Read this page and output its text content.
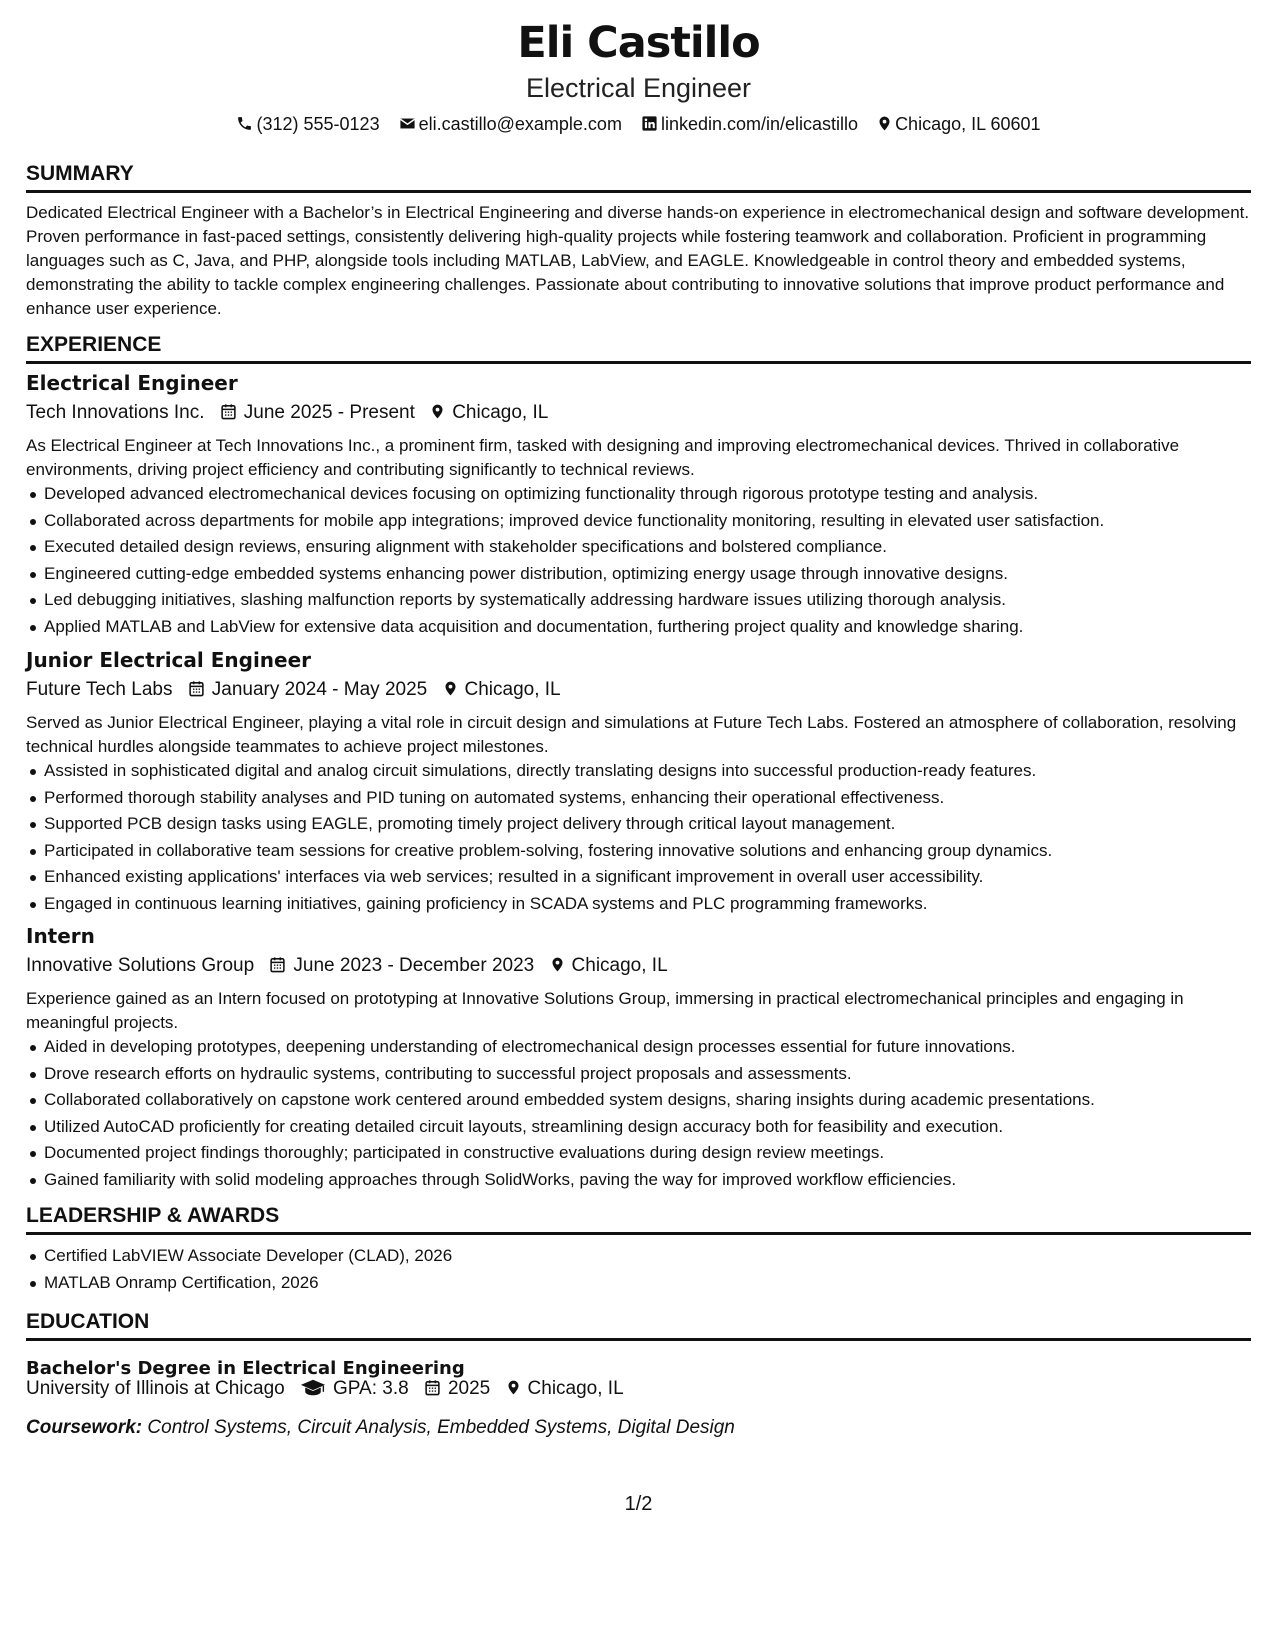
Eli Castillo
Electrical Engineer
(312) 555-0123 eli.castillo@example.com linkedin.com/in/elicastillo Chicago, IL 60601
SUMMARY
Dedicated Electrical Engineer with a Bachelor’s in Electrical Engineering and diverse hands-on experience in electromechanical design and software development. Proven performance in fast-paced settings, consistently delivering high-quality projects while fostering teamwork and collaboration. Proficient in programming languages such as C, Java, and PHP, alongside tools including MATLAB, LabView, and EAGLE. Knowledgeable in control theory and embedded systems, demonstrating the ability to tackle complex engineering challenges. Passionate about contributing to innovative solutions that improve product performance and enhance user experience.
EXPERIENCE
Electrical Engineer
Tech Innovations Inc. June 2025 - Present Chicago, IL
As Electrical Engineer at Tech Innovations Inc., a prominent firm, tasked with designing and improving electromechanical devices. Thrived in collaborative environments, driving project efficiency and contributing significantly to technical reviews.
Developed advanced electromechanical devices focusing on optimizing functionality through rigorous prototype testing and analysis.
Collaborated across departments for mobile app integrations; improved device functionality monitoring, resulting in elevated user satisfaction.
Executed detailed design reviews, ensuring alignment with stakeholder specifications and bolstered compliance.
Engineered cutting-edge embedded systems enhancing power distribution, optimizing energy usage through innovative designs.
Led debugging initiatives, slashing malfunction reports by systematically addressing hardware issues utilizing thorough analysis.
Applied MATLAB and LabView for extensive data acquisition and documentation, furthering project quality and knowledge sharing.
Junior Electrical Engineer
Future Tech Labs January 2024 - May 2025 Chicago, IL
Served as Junior Electrical Engineer, playing a vital role in circuit design and simulations at Future Tech Labs. Fostered an atmosphere of collaboration, resolving technical hurdles alongside teammates to achieve project milestones.
Assisted in sophisticated digital and analog circuit simulations, directly translating designs into successful production-ready features.
Performed thorough stability analyses and PID tuning on automated systems, enhancing their operational effectiveness.
Supported PCB design tasks using EAGLE, promoting timely project delivery through critical layout management.
Participated in collaborative team sessions for creative problem-solving, fostering innovative solutions and enhancing group dynamics.
Enhanced existing applications' interfaces via web services; resulted in a significant improvement in overall user accessibility.
Engaged in continuous learning initiatives, gaining proficiency in SCADA systems and PLC programming frameworks.
Intern
Innovative Solutions Group June 2023 - December 2023 Chicago, IL
Experience gained as an Intern focused on prototyping at Innovative Solutions Group, immersing in practical electromechanical principles and engaging in meaningful projects.
Aided in developing prototypes, deepening understanding of electromechanical design processes essential for future innovations.
Drove research efforts on hydraulic systems, contributing to successful project proposals and assessments.
Collaborated collaboratively on capstone work centered around embedded system designs, sharing insights during academic presentations.
Utilized AutoCAD proficiently for creating detailed circuit layouts, streamlining design accuracy both for feasibility and execution.
Documented project findings thoroughly; participated in constructive evaluations during design review meetings.
Gained familiarity with solid modeling approaches through SolidWorks, paving the way for improved workflow efficiencies.
LEADERSHIP & AWARDS
Certified LabVIEW Associate Developer (CLAD), 2026
MATLAB Onramp Certification, 2026
EDUCATION
Bachelor's Degree in Electrical Engineering
University of Illinois at Chicago	GPA: 3.8 2025 Chicago, IL
Coursework: Control Systems, Circuit Analysis, Embedded Systems, Digital Design
1/2
